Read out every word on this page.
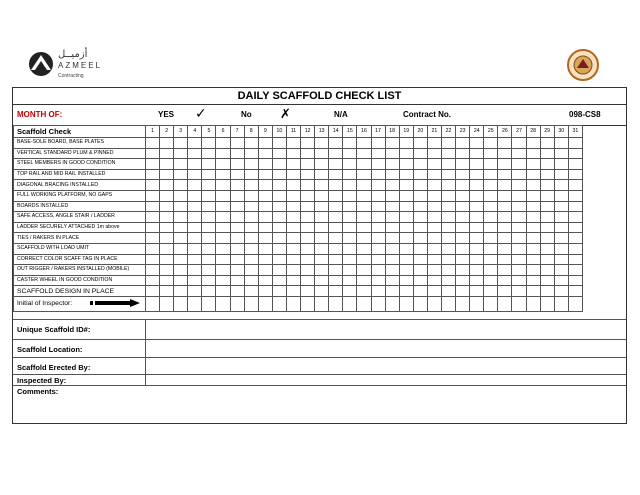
أزميــل
AZMEEL
Contracting
DAILY SCAFFOLD CHECK LIST
MONTH OF:	YES ✓	No ✗	N/A	Contract No.	098-CS8
Scaffold Check	1	2	3	4	5	6	7	8	9	10	11	12	13	14	15	16	17	18	19	20	21	22	23	24	25	26	27	28	29	30	31
BASE-SOLE BOARD, BASE PLATES																															
VERTICAL STANDARD PLUM & PINNED																															
STEEL MEMBERS IN GOOD CONDITION																															
TOP RAIL AND MID RAIL INSTALLED																															
DIAGONAL BRACING INSTALLED																															
FULL WORKING PLATFORM, NO GAPS																															
BOARDS INSTALLED																															
SAFE ACCESS, ANGLE STAIR / LADDER																															
LADDER SECURELY ATTACHED 1m above																															
TIES / RAKERS IN PLACE																															
SCAFFOLD WITH LOAD UMIT																															
CORRECT COLOR SCAFF TAG IN PLACE																															
OUT RIGGER / RAKERS INSTALLED (MOBILE)																															
CASTER WHEEL IN GOOD CONDITION																															
SCAFFOLD DESIGN IN PLACE																															
Initial of Inspector:

Unique Scaffold ID#:
Scaffold Location:
Scaffold Erected By:
Inspected By:
Comments:
